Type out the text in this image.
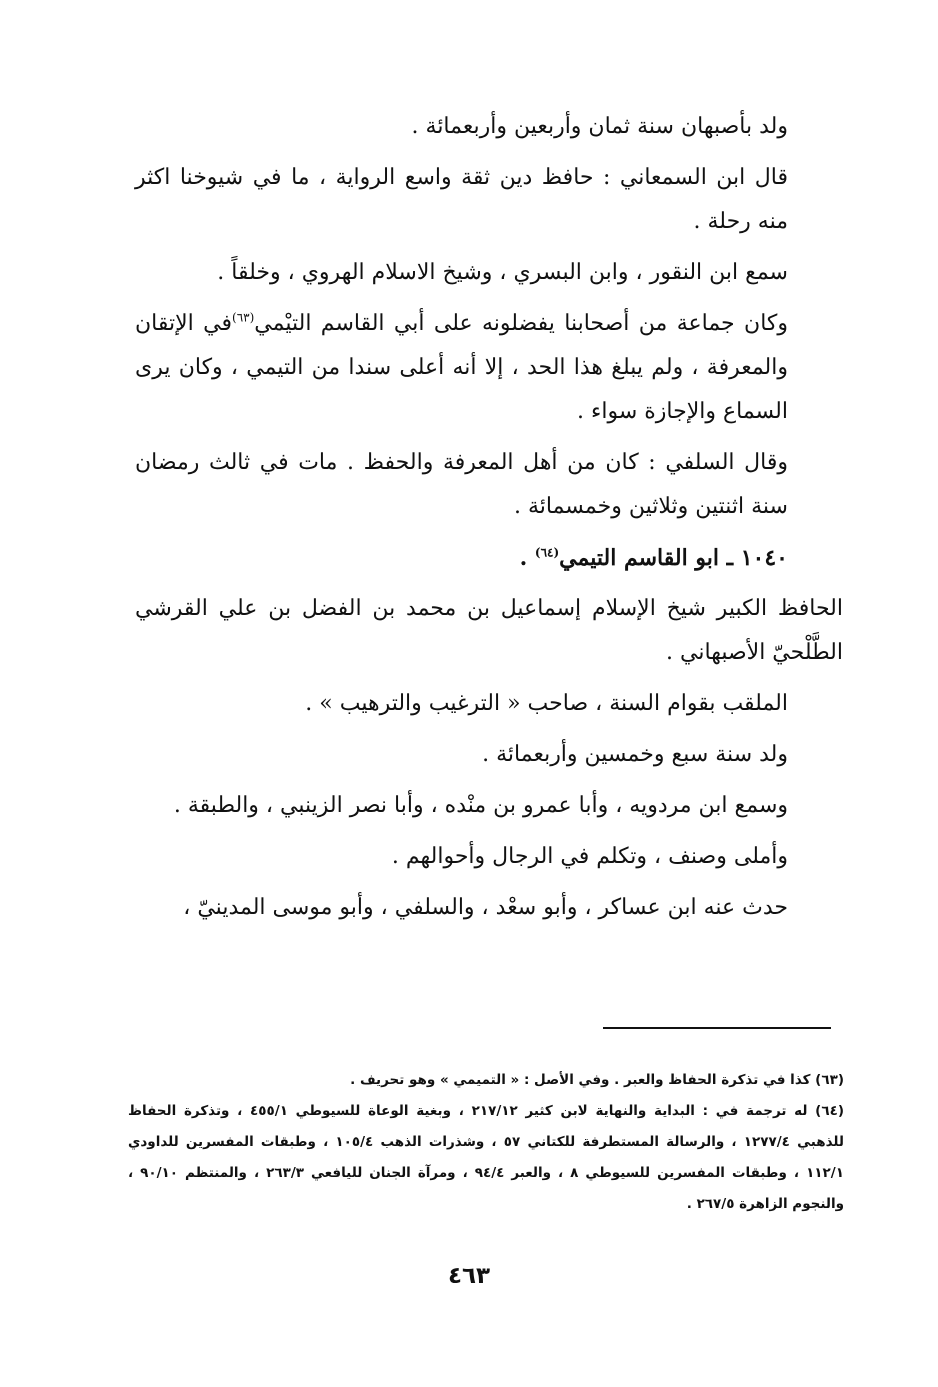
ولد بأصبهان سنة ثمان وأربعين وأربعمائة .

قال ابن السمعاني : حافظ دين ثقة واسع الرواية ، ما في شيوخنا اكثر منه رحلة .

سمع ابن النقور ، وابن البسري ، وشيخ الاسلام الهروي ، وخلقاً .

وكان جماعة من أصحابنا يفضلونه على أبي القاسم التيْمي$^{(٦٣)}$في الإتقان والمعرفة ، ولم يبلغ هذا الحد ، إلا أنه أعلى سندا من التيمي ، وكان يرى السماع والإجازة سواء .

وقال السلفي : كان من أهل المعرفة والحفظ . مات في ثالث رمضان سنة اثنتين وثلاثين وخمسمائة .

١٠٤٠ ـ ابو القاسم التيمي$^{(٦٤)}$ .

الحافظ الكبير شيخ الإسلام إسماعيل بن محمد بن الفضل بن علي القرشي الطَّلْحيّ الأصبهاني .

الملقب بقوام السنة ، صاحب « الترغيب والترهيب » .

ولد سنة سبع وخمسين وأربعمائة .

وسمع ابن مردويه ، وأبا عمرو بن منْده ، وأبا نصر الزينبي ، والطبقة .

وأملى وصنف ، وتكلم في الرجال وأحوالهم .

حدث عنه ابن عساكر ، وأبو سعْد ، والسلفي ، وأبو موسى المدينيّ ،

(٦٣) كذا في تذكرة الحفاظ والعبر . وفي الأصل : « التميمي » وهو تحريف .

(٦٤) له ترجمة في : البداية والنهاية لابن كثير ٢١٧/١٢ ، وبغية الوعاة للسيوطي ٤٥٥/١ ، وتذكرة الحفاظ للذهبي ١٢٧٧/٤ ، والرسالة المستطرفة للكتاني ٥٧ ، وشذرات الذهب ١٠٥/٤ ، وطبقات المفسرين للداودي ١١٢/١ ، وطبقات المفسرين للسيوطي ٨ ، والعبر ٩٤/٤ ، ومرآة الجنان لليافعي ٢٦٣/٣ ، والمنتظم ٩٠/١٠ ، والنجوم الزاهرة ٢٦٧/٥ .

٤٦٣
